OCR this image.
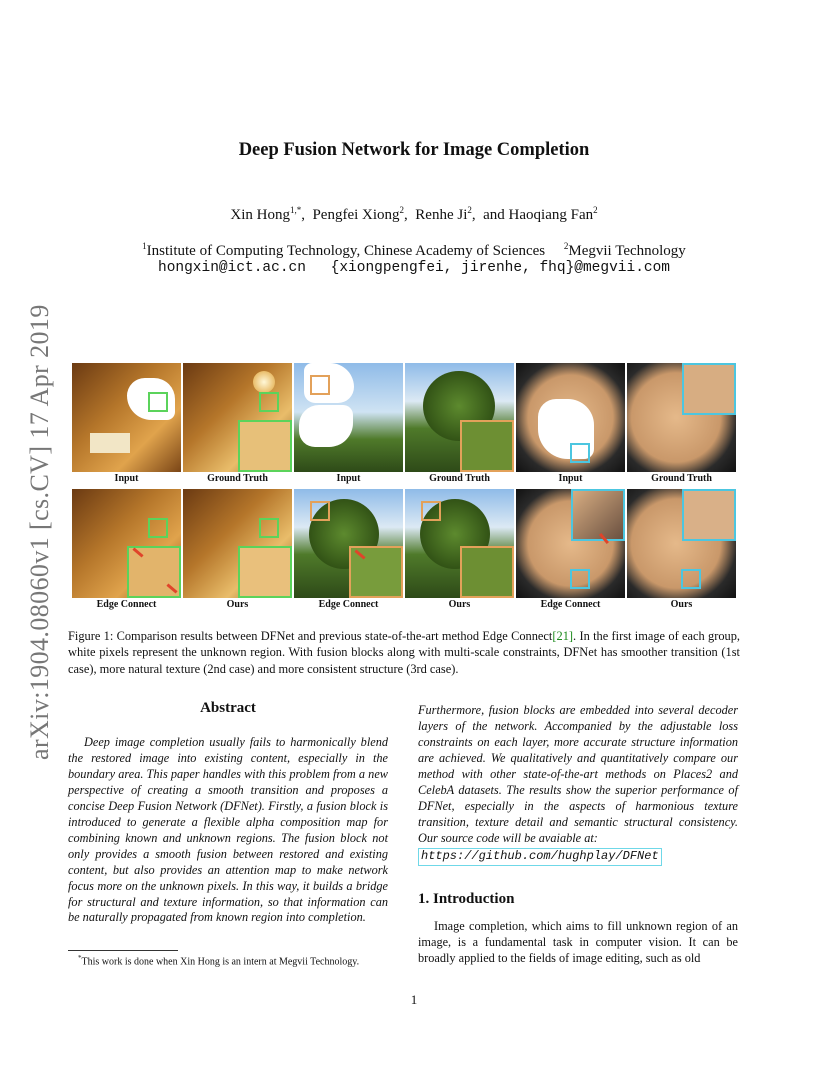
arXiv:1904.08060v1 [cs.CV] 17 Apr 2019
Deep Fusion Network for Image Completion
Xin Hong$^{1,*}$,  Pengfei Xiong$^2$,  Renhe Ji$^2$,  and Haoqiang Fan$^2$
$^1$Institute of Computing Technology, Chinese Academy of Sciences $^2$Megvii Technology
hongxin@ict.ac.cn {xiongpengfei, jirenhe, fhq}@megvii.com
Input	Ground Truth	Input	Ground Truth	Input	Ground Truth
Edge Connect	Ours	Edge Connect	Ours	Edge Connect	Ours
Figure 1: Comparison results between DFNet and previous state-of-the-art method Edge Connect[21]. In the first image of each group, white pixels represent the unknown region. With fusion blocks along with multi-scale constraints, DFNet has smoother transition (1st case), more natural texture (2nd case) and more consistent structure (3rd case).
Abstract

Deep image completion usually fails to harmonically blend the restored image into existing content, especially in the boundary area. This paper handles with this problem from a new perspective of creating a smooth transition and proposes a concise Deep Fusion Network (DFNet). Firstly, a fusion block is introduced to generate a flexible alpha composition map for combining known and unknown regions. The fusion block not only provides a smooth fusion between restored and existing content, but also provides an attention map to make network focus more on the unknown pixels. In this way, it builds a bridge for structural and texture information, so that information can be naturally propagated from known region into completion.

*This work is done when Xin Hong is an intern at Megvii Technology.

Furthermore, fusion blocks are embedded into several decoder layers of the network. Accompanied by the adjustable loss constraints on each layer, more accurate structure information are achieved. We qualitatively and quantitatively compare our method with other state-of-the-art methods on Places2 and CelebA datasets. The results show the superior performance of DFNet, especially in the aspects of harmonious texture transition, texture detail and semantic structural consistency. Our source code will be avaiable at:

https://github.com/hughplay/DFNet
1. Introduction

Image completion, which aims to fill unknown region of an image, is a fundamental task in computer vision. It can be broadly applied to the fields of image editing, such as old

1
